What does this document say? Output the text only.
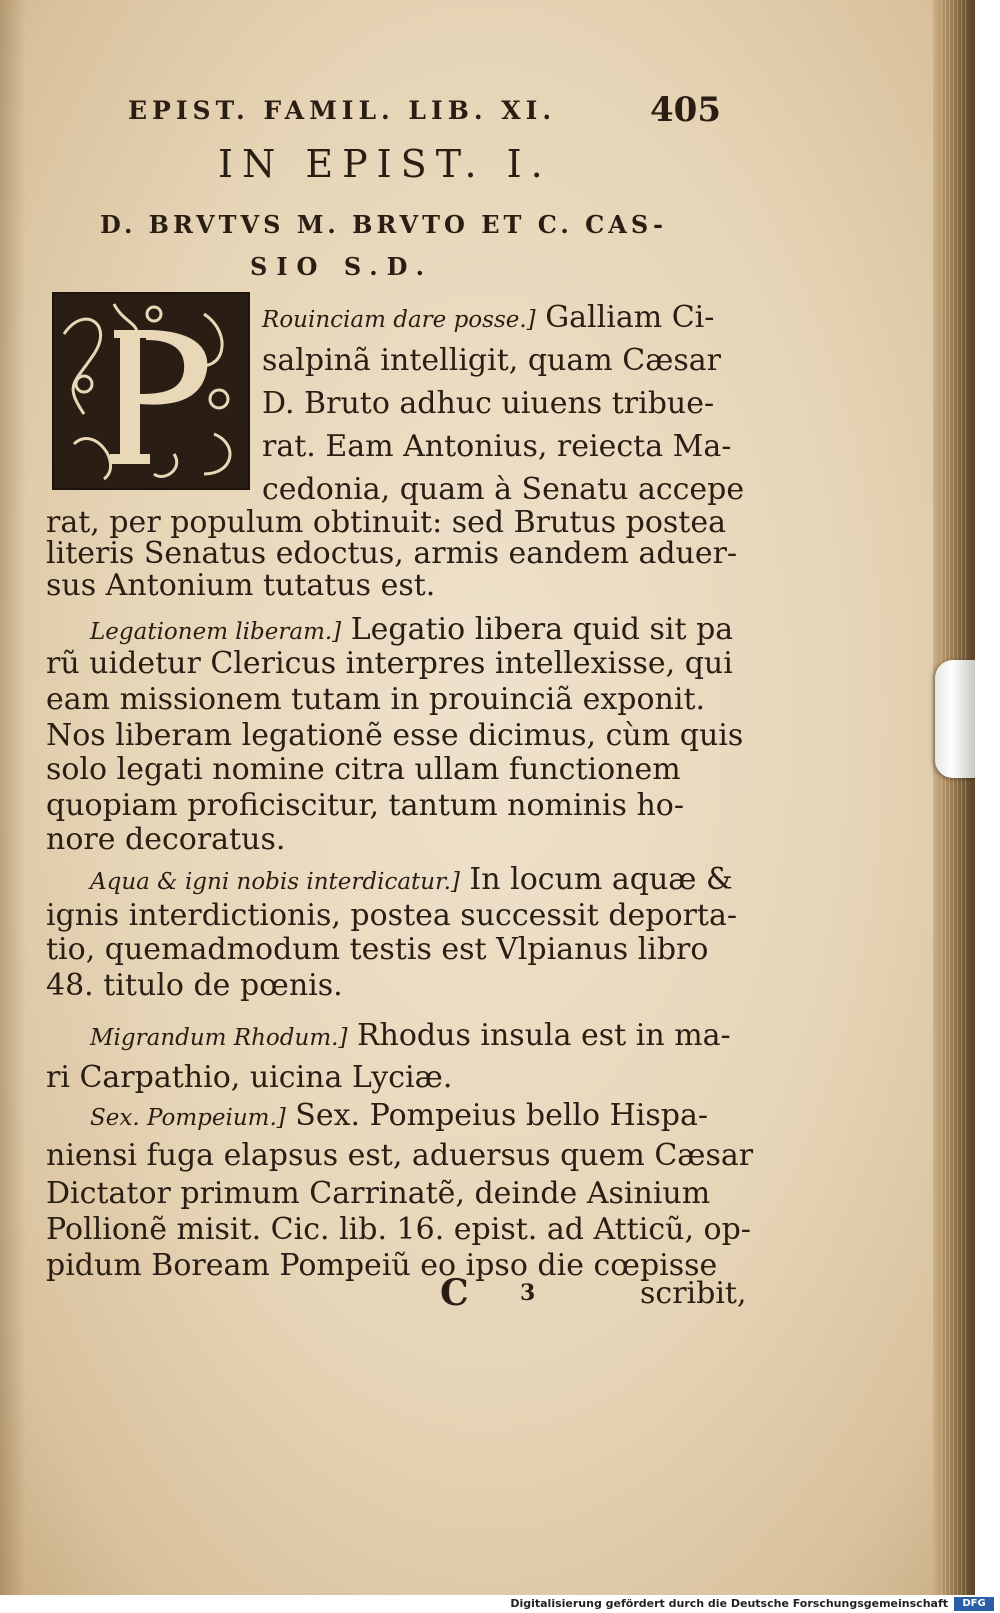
EPIST. FAMIL. LIB. XI.	405
IN EPIST. I.
D. BRVTVS M. BRVTO ET C. CAS-
SIO S.D.
Rouinciam dare posse.] Galliam Ci-
salpinã intelligit, quam Cæsar
D. Bruto adhuc uiuens tribue-
rat. Eam Antonius, reiecta Ma-
cedonia, quam à Senatu accepe
rat, per populum obtinuit: sed Brutus postea
literis Senatus edoctus, armis eandem aduer-
sus Antonium tutatus est.
Legationem liberam.] Legatio libera quid sit pa
rũ uidetur Clericus interpres intellexisse, qui
eam missionem tutam in prouinciã exponit.
Nos liberam legationẽ esse dicimus, cùm quis
solo legati nomine citra ullam functionem
quopiam proficiscitur, tantum nominis ho-
nore decoratus.
Aqua & igni nobis interdicatur.] In locum aquæ &
ignis interdictionis, postea successit deporta-
tio, quemadmodum testis est Vlpianus libro
48. titulo de pœnis.
Migrandum Rhodum.] Rhodus insula est in ma-
ri Carpathio, uicina Lyciæ.
Sex. Pompeium.] Sex. Pompeius bello Hispa-
niensi fuga elapsus est, aduersus quem Cæsar
Dictator primum Carrinatẽ, deinde Asinium
Pollionẽ misit. Cic. lib. 16. epist. ad Atticũ, op-
pidum Boream Pompeiũ eo ipso die cœpisse
C 3	scribit,
Digitalisierung gefördert durch die Deutsche Forschungsgemeinschaft	DFG
